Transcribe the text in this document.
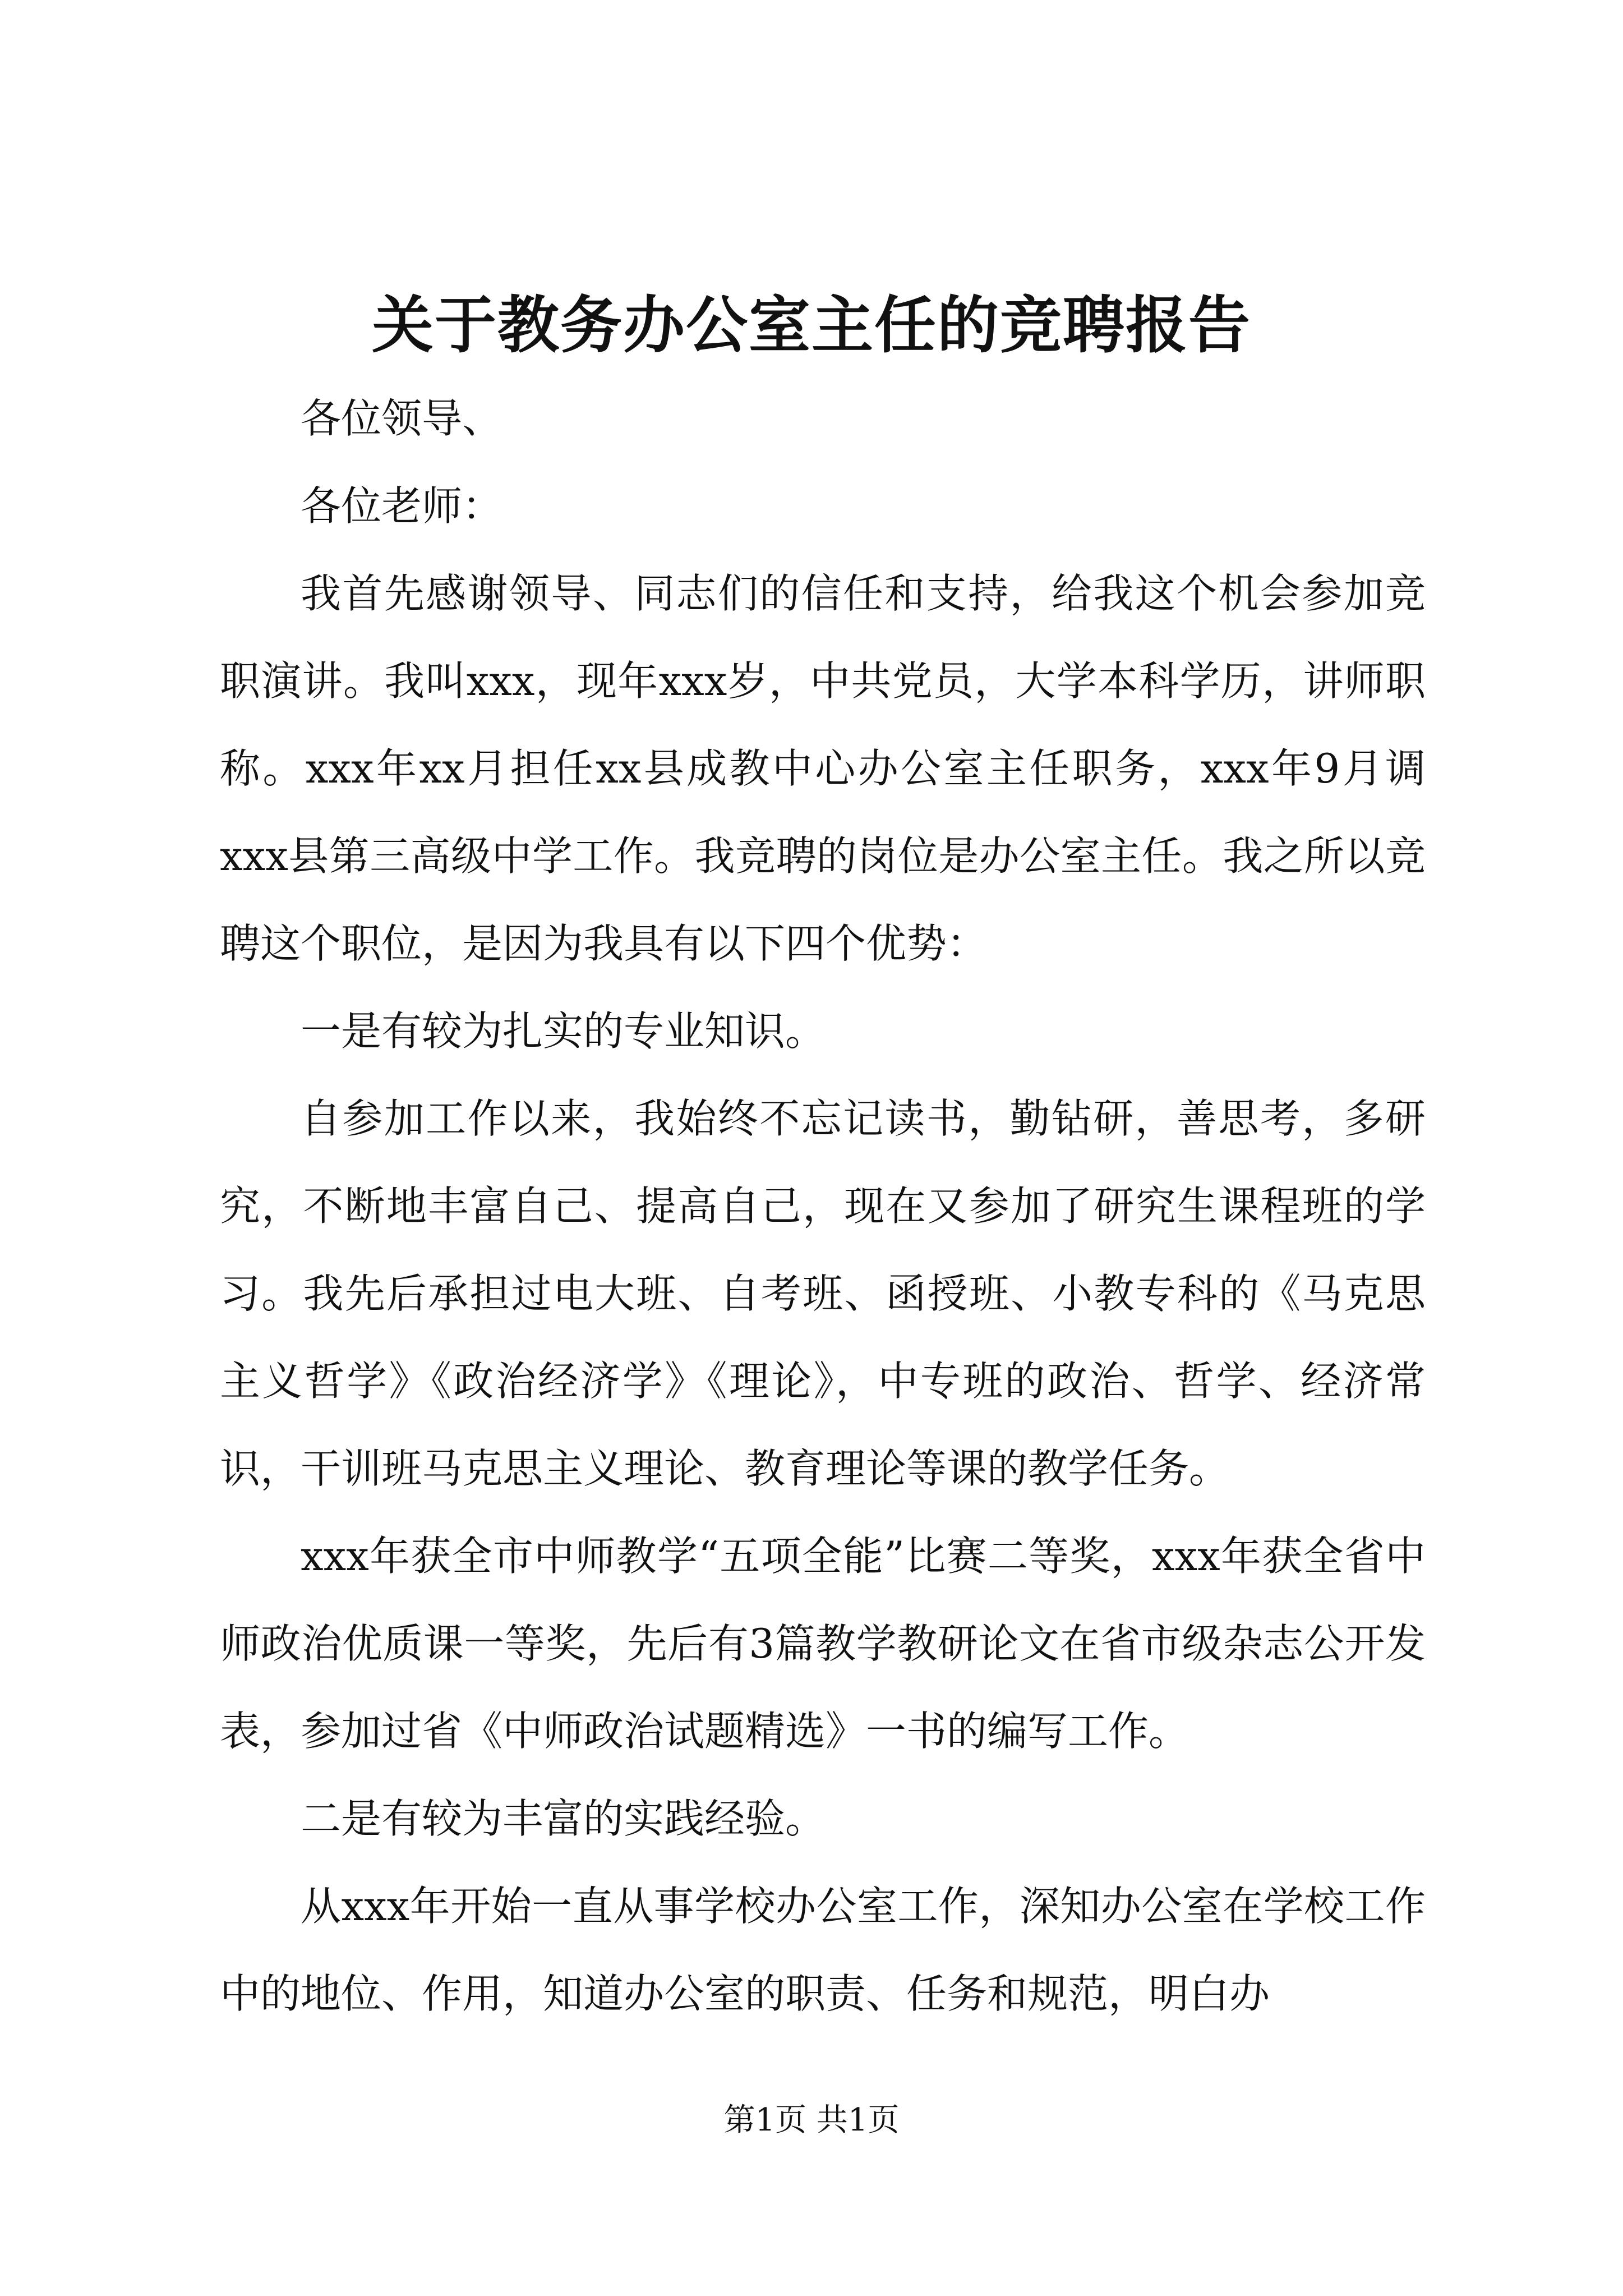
关于教务办公室主任的竞聘报告

各位领导、

各位老师：

我首先感谢领导、同志们的信任和支持，给我这个机会参加竞职演讲。我叫xxx，现年xxx岁，中共党员，大学本科学历，讲师职称。xxx年xx月担任xx县成教中心办公室主任职务，xxx年9月调xxx县第三高级中学工作。我竞聘的岗位是办公室主任。我之所以竞聘这个职位，是因为我具有以下四个优势：

一是有较为扎实的专业知识。

自参加工作以来，我始终不忘记读书，勤钻研，善思考，多研究，不断地丰富自己、提高自己，现在又参加了研究生课程班的学习。我先后承担过电大班、自考班、函授班、小教专科的《马克思主义哲学》《政治经济学》《理论》，中专班的政治、哲学、经济常识，干训班马克思主义理论、教育理论等课的教学任务。

xxx年获全市中师教学“五项全能”比赛二等奖，xxx年获全省中师政治优质课一等奖，先后有3篇教学教研论文在省市级杂志公开发表，参加过省《中师政治试题精选》一书的编写工作。

二是有较为丰富的实践经验。

从xxx年开始一直从事学校办公室工作，深知办公室在学校工作中的地位、作用，知道办公室的职责、任务和规范，明白办

第1页 共1页
